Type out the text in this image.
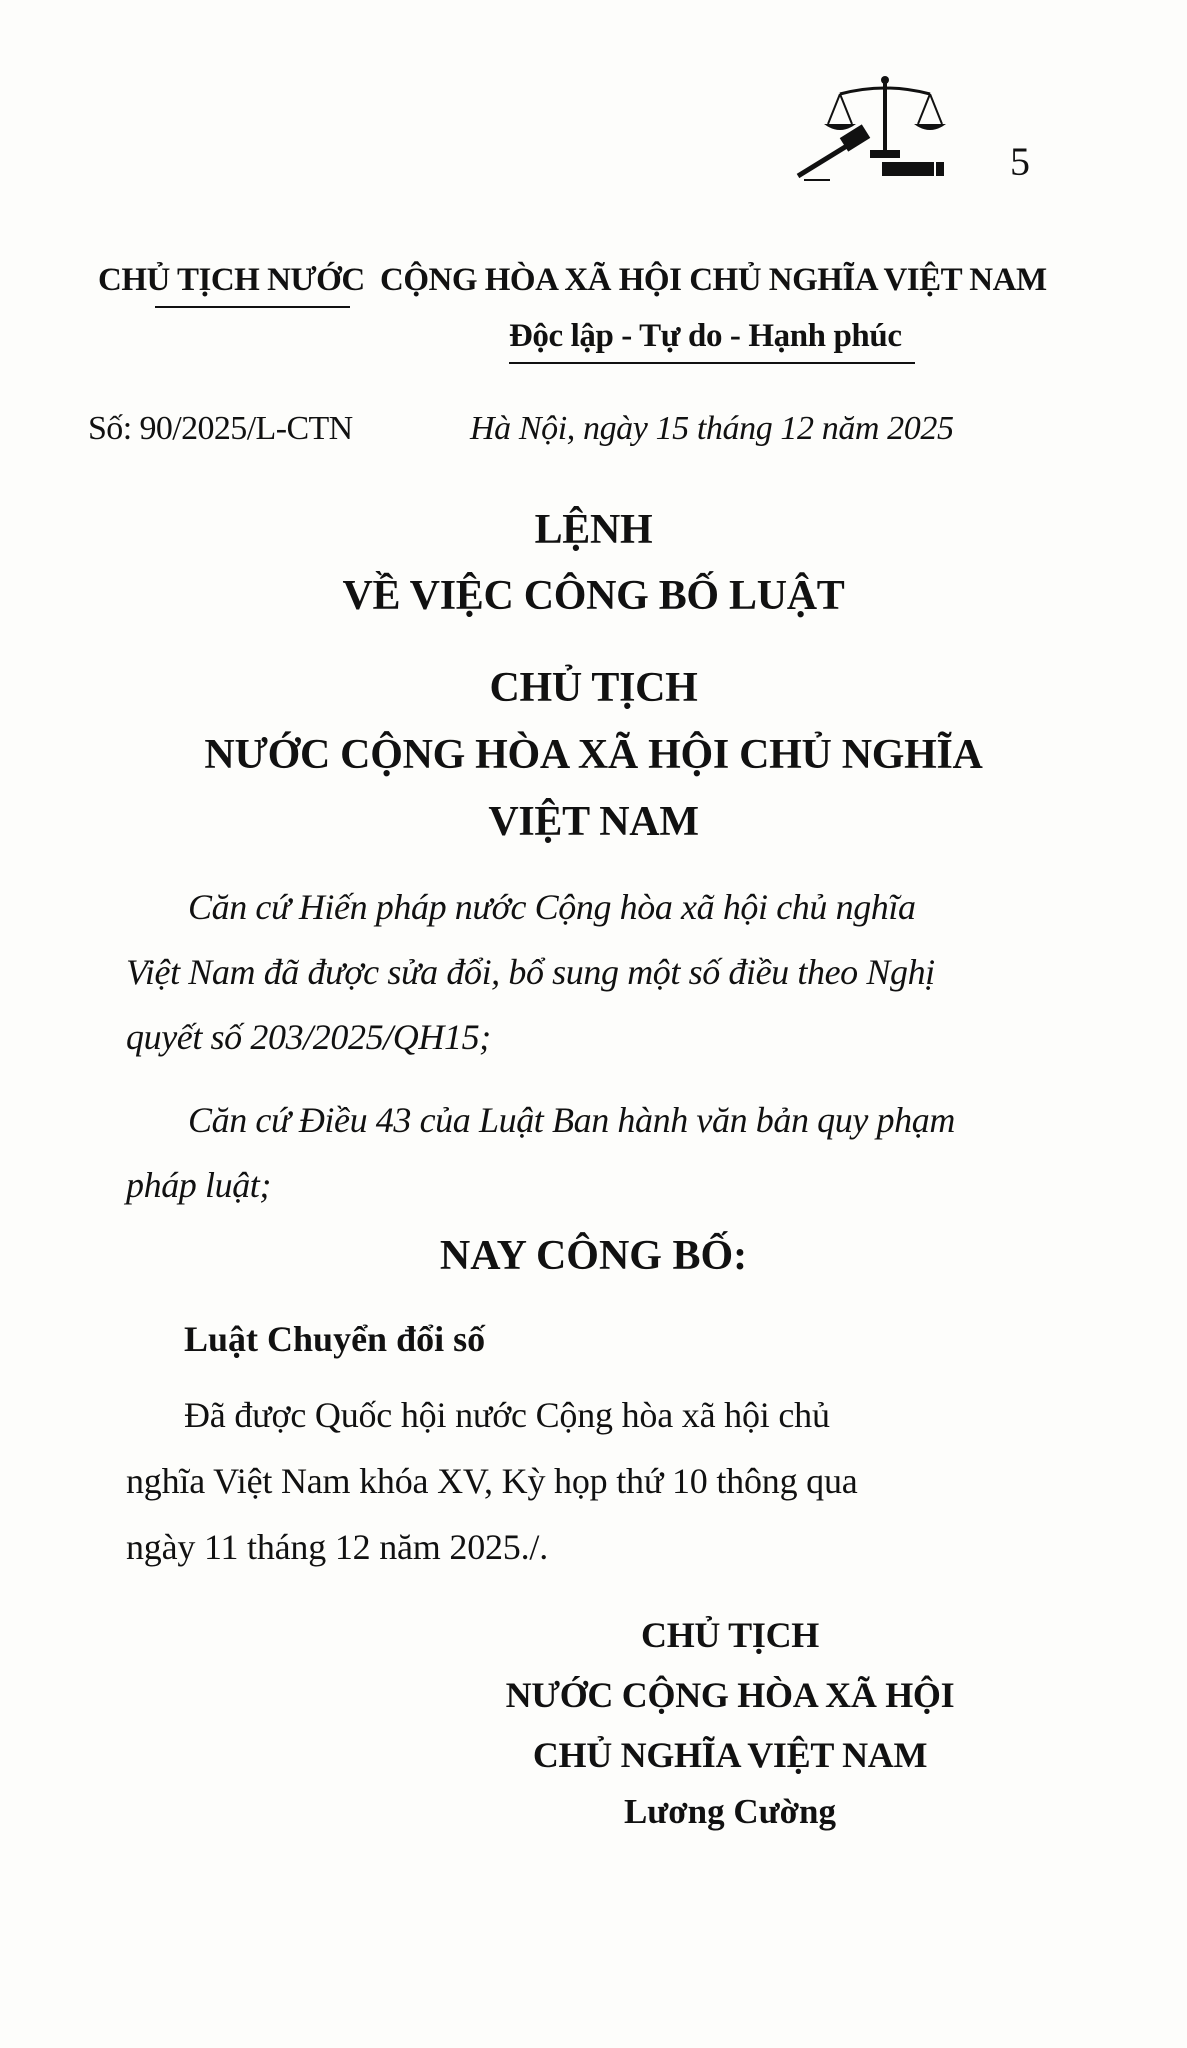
5
CHỦ TỊCH NƯỚC CỘNG HÒA XÃ HỘI CHỦ NGHĨA VIỆT NAM
Độc lập - Tự do - Hạnh phúc
Số: 90/2025/L-CTN	Hà Nội, ngày 15 tháng 12 năm 2025
LỆNH
VỀ VIỆC CÔNG BỐ LUẬT
CHỦ TỊCH
NƯỚC CỘNG HÒA XÃ HỘI CHỦ NGHĨA
VIỆT NAM
Căn cứ Hiến pháp nước Cộng hòa xã hội chủ nghĩa
Việt Nam đã được sửa đổi, bổ sung một số điều theo Nghị
quyết số 203/2025/QH15;
Căn cứ Điều 43 của Luật Ban hành văn bản quy phạm
pháp luật;
NAY CÔNG BỐ:
Luật Chuyển đổi số
Đã được Quốc hội nước Cộng hòa xã hội chủ
nghĩa Việt Nam khóa XV, Kỳ họp thứ 10 thông qua
ngày 11 tháng 12 năm 2025./.
CHỦ TỊCH
NƯỚC CỘNG HÒA XÃ HỘI
CHỦ NGHĨA VIỆT NAM
Lương Cường
